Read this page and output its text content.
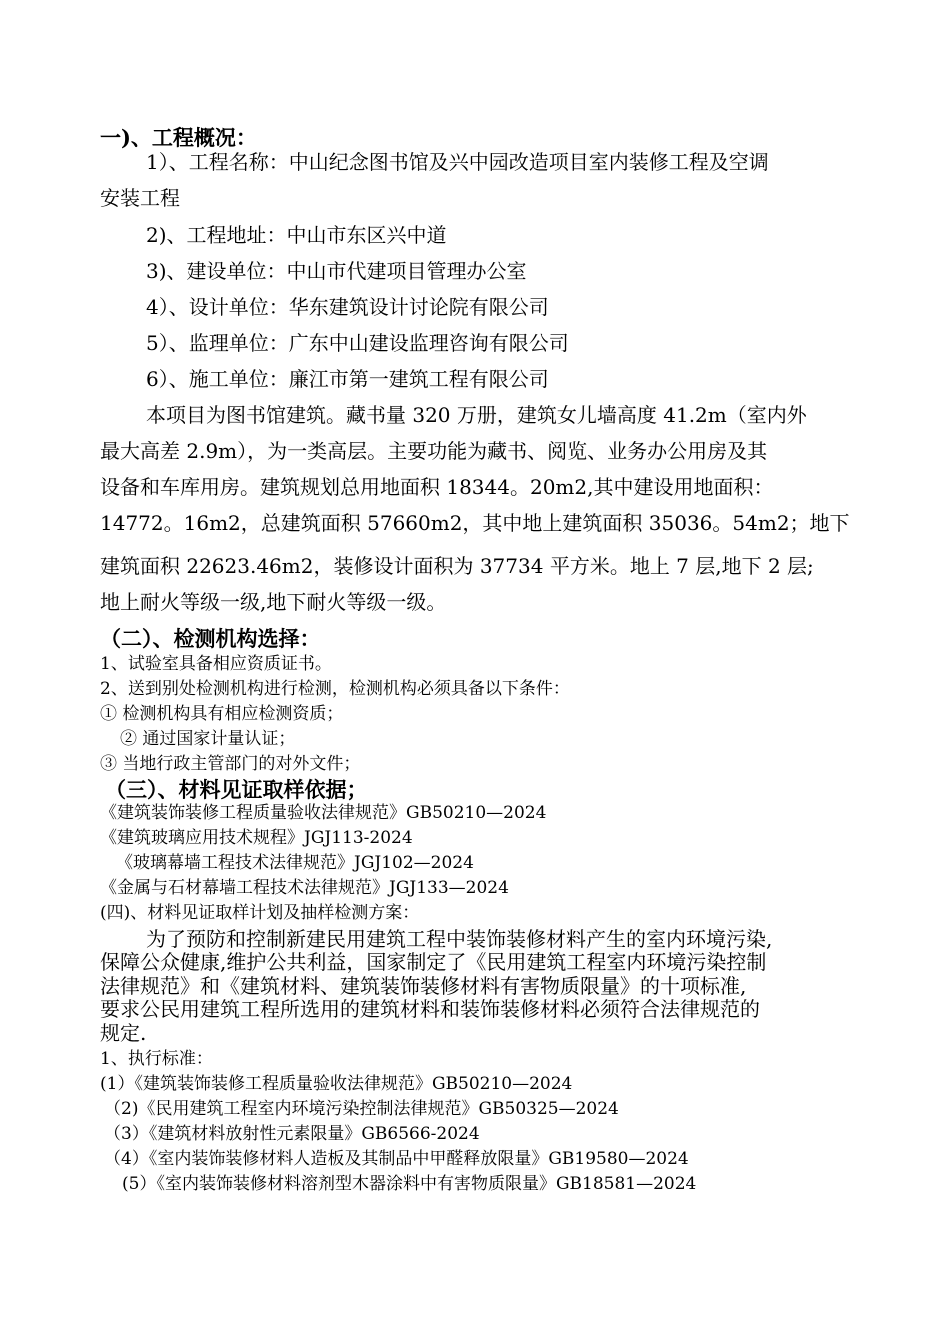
一)、工程概况：
1）、工程名称：中山纪念图书馆及兴中园改造项目室内装修工程及空调
安装工程
2)、工程地址：中山市东区兴中道
3)、建设单位：中山市代建项目管理办公室
4）、设计单位：华东建筑设计讨论院有限公司
5）、监理单位：广东中山建设监理咨询有限公司
6）、施工单位：廉江市第一建筑工程有限公司
本项目为图书馆建筑。藏书量 320 万册，建筑女儿墙高度 41.2m（室内外
最大高差 2.9m），为一类高层。主要功能为藏书、阅览、业务办公用房及其
设备和车库用房。建筑规划总用地面积 18344。20m2,其中建设用地面积：
14772。16m2，总建筑面积 57660m2，其中地上建筑面积 35036。54m2；地下
建筑面积 22623.46m2，装修设计面积为 37734 平方米。地上 7 层,地下 2 层;
地上耐火等级一级,地下耐火等级一级。
（二）、检测机构选择：
1、试验室具备相应资质证书。
2、送到别处检测机构进行检测，检测机构必须具备以下条件：
① 检测机构具有相应检测资质；
② 通过国家计量认证；
③ 当地行政主管部门的对外文件；
（三）、材料见证取样依据；
《建筑装饰装修工程质量验收法律规范》GB50210—2024
《建筑玻璃应用技术规程》JGJ113-2024
《玻璃幕墙工程技术法律规范》JGJ102—2024
《金属与石材幕墙工程技术法律规范》JGJ133—2024
(四)、材料见证取样计划及抽样检测方案：
为了预防和控制新建民用建筑工程中装饰装修材料产生的室内环境污染,
保障公众健康,维护公共利益，国家制定了《民用建筑工程室内环境污染控制
法律规范》和《建筑材料、建筑装饰装修材料有害物质限量》的十项标准,
要求公民用建筑工程所选用的建筑材料和装饰装修材料必须符合法律规范的
规定.
1、执行标准：
(1）《建筑装饰装修工程质量验收法律规范》GB50210—2024
（2)《民用建筑工程室内环境污染控制法律规范》GB50325—2024
（3）《建筑材料放射性元素限量》GB6566-2024
（4）《室内装饰装修材料人造板及其制品中甲醛释放限量》GB19580—2024
(5）《室内装饰装修材料溶剂型木器涂料中有害物质限量》GB18581—2024
